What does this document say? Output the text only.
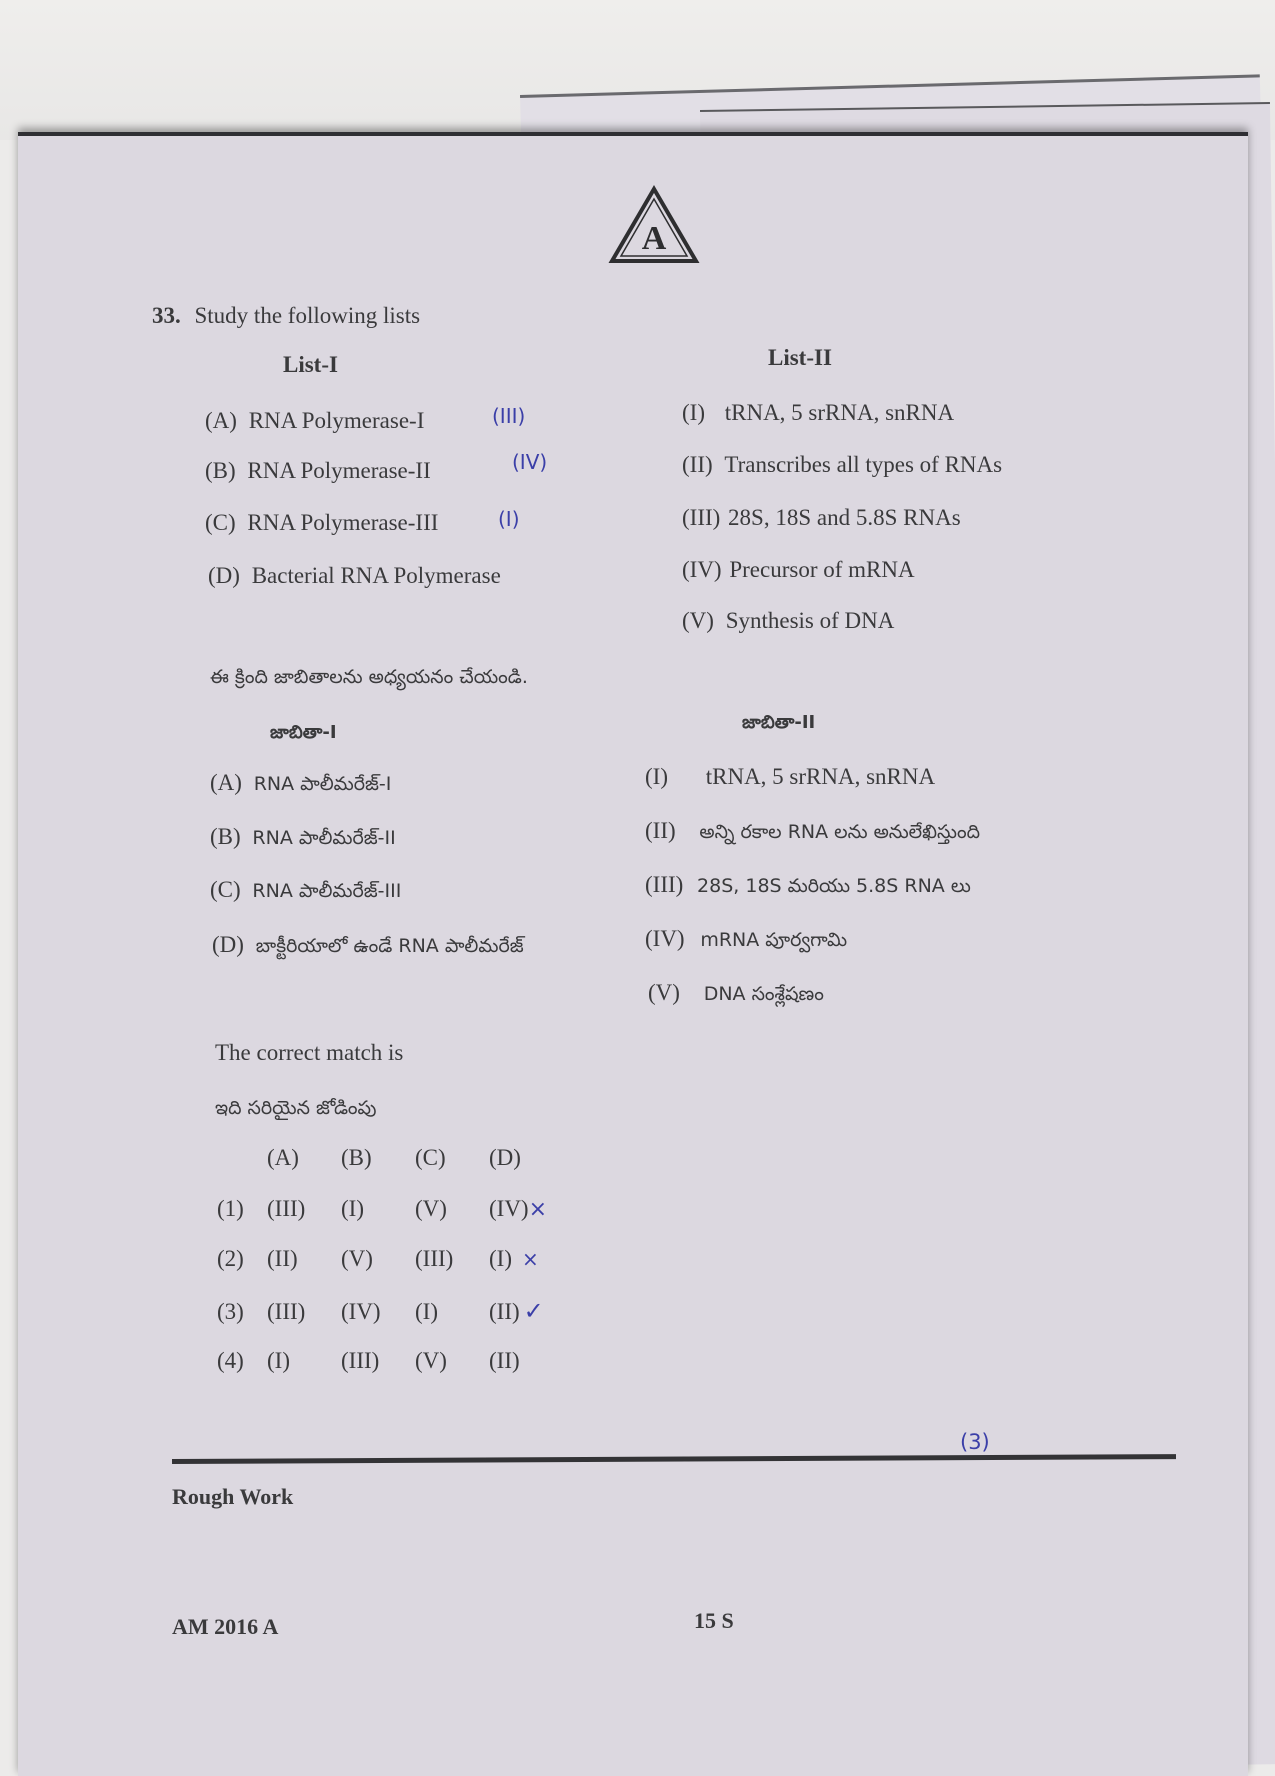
A
33. Study the following lists
List-I	List-II
(A) RNA Polymerase-I	(III)
(B) RNA Polymerase-II	(IV)
(C) RNA Polymerase-III	(I)
(D) Bacterial RNA Polymerase
(I) tRNA, 5 srRNA, snRNA
(II) Transcribes all types of RNAs
(III) 28S, 18S and 5.8S RNAs
(IV) Precursor of mRNA
(V) Synthesis of DNA
ఈ క్రింది జాబితాలను అధ్యయనం చేయండి.
జాబితా-I	జాబితా-II
(A) RNA పాలీమరేజ్-I
(B) RNA పాలీమరేజ్-II
(C) RNA పాలీమరేజ్-III
(D) బాక్టీరియాలో ఉండే RNA పాలీమరేజ్
(I) tRNA, 5 srRNA, snRNA
(II) అన్ని రకాల RNA లను అనులేఖిస్తుంది
(III) 28S, 18S మరియు 5.8S RNA లు
(IV) mRNA పూర్వగామి
(V) DNA సంశ్లేషణం
The correct match is
ఇది సరియైన జోడింపు
(A) (B) (C) (D)
(1) (III) (I) (V) (IV)×
(2) (II) (V) (III) (I) ×
(3) (III) (IV) (I) (II) ✓
(4) (I) (III) (V) (II)
(3)
Rough Work
AM 2016 A	15 S
